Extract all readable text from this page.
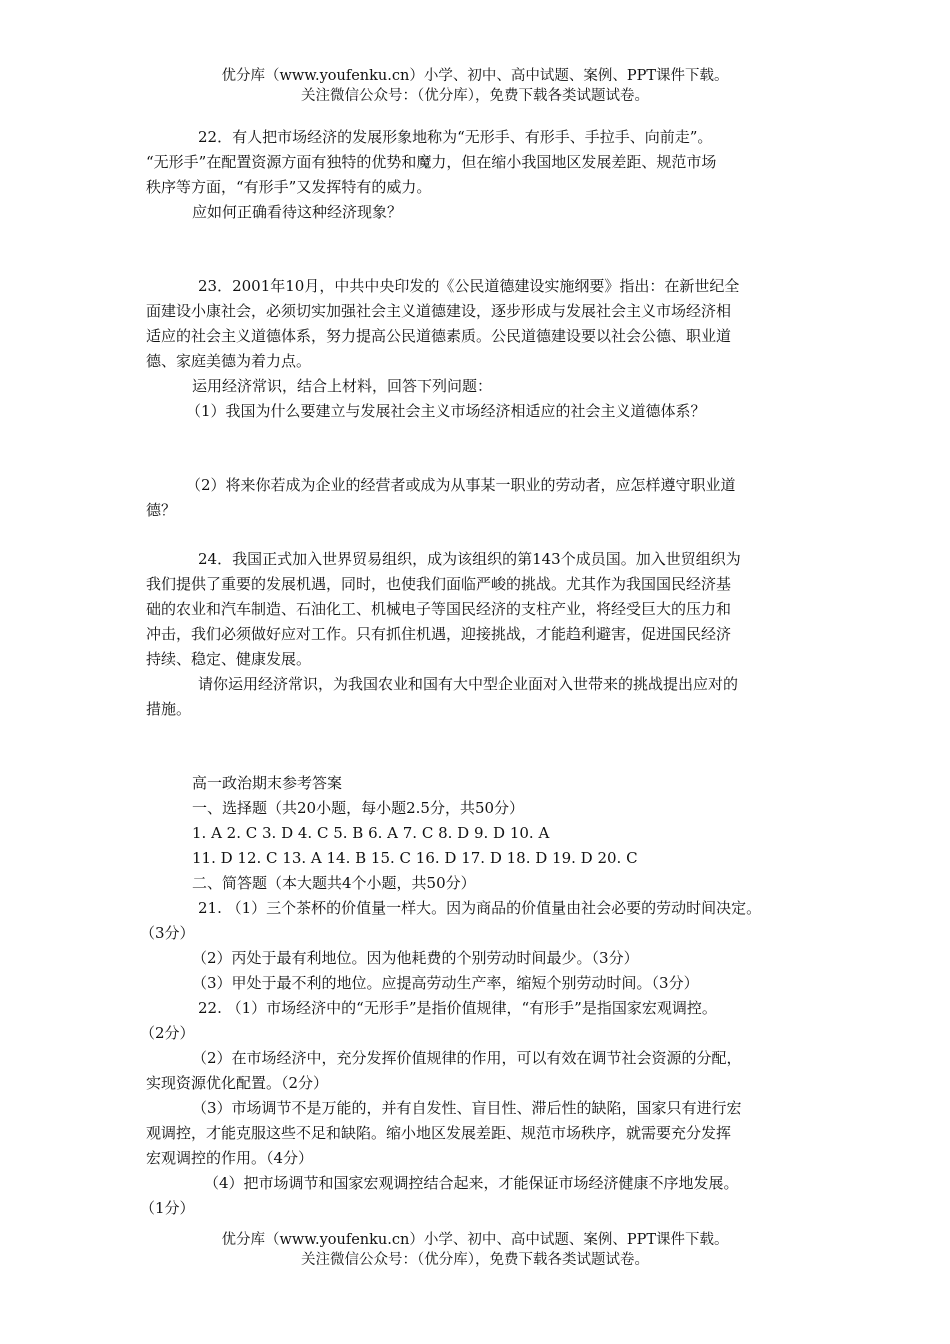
优分库（www.youfenku.cn）小学、初中、高中试题、案例、PPT课件下载。
关注微信公众号：（优分库），免费下载各类试题试卷。

22．有人把市场经济的发展形象地称为“无形手、有形手、手拉手、向前走”。

“无形手”在配置资源方面有独特的优势和魔力，但在缩小我国地区发展差距、规范市场

秩序等方面，“有形手”又发挥特有的威力。

应如何正确看待这种经济现象？

23．2001年10月，中共中央印发的《公民道德建设实施纲要》指出：在新世纪全

面建设小康社会，必须切实加强社会主义道德建设，逐步形成与发展社会主义市场经济相

适应的社会主义道德体系，努力提高公民道德素质。公民道德建设要以社会公德、职业道

德、家庭美德为着力点。

运用经济常识，结合上材料，回答下列问题：

（1）我国为什么要建立与发展社会主义市场经济相适应的社会主义道德体系？

（2）将来你若成为企业的经营者或成为从事某一职业的劳动者，应怎样遵守职业道

德？

24．我国正式加入世界贸易组织，成为该组织的第143个成员国。加入世贸组织为

我们提供了重要的发展机遇，同时，也使我们面临严峻的挑战。尤其作为我国国民经济基

础的农业和汽车制造、石油化工、机械电子等国民经济的支柱产业，将经受巨大的压力和

冲击，我们必须做好应对工作。只有抓住机遇，迎接挑战，才能趋利避害，促进国民经济

持续、稳定、健康发展。

请你运用经济常识，为我国农业和国有大中型企业面对入世带来的挑战提出应对的

措施。

高一政治期末参考答案

一、选择题（共20小题，每小题2.5分，共50分）

1. A 2. C 3. D 4. C 5. B 6. A 7. C 8. D 9. D 10. A

11. D 12. C 13. A 14. B 15. C 16. D 17. D 18. D 19. D 20. C

二、简答题（本大题共4个小题，共50分）

21. （1）三个茶杯的价值量一样大。因为商品的价值量由社会必要的劳动时间决定。

（3分）

（2）丙处于最有利地位。因为他耗费的个别劳动时间最少。（3分）

（3）甲处于最不利的地位。应提高劳动生产率，缩短个别劳动时间。（3分）

22. （1）市场经济中的“无形手”是指价值规律，“有形手”是指国家宏观调控。

（2分）

（2）在市场经济中，充分发挥价值规律的作用，可以有效在调节社会资源的分配，

实现资源优化配置。（2分）

（3）市场调节不是万能的，并有自发性、盲目性、滞后性的缺陷，国家只有进行宏

观调控，才能克服这些不足和缺陷。缩小地区发展差距、规范市场秩序，就需要充分发挥

宏观调控的作用。（4分）

（4）把市场调节和国家宏观调控结合起来，才能保证市场经济健康不序地发展。

（1分）

优分库（www.youfenku.cn）小学、初中、高中试题、案例、PPT课件下载。
关注微信公众号：（优分库），免费下载各类试题试卷。
